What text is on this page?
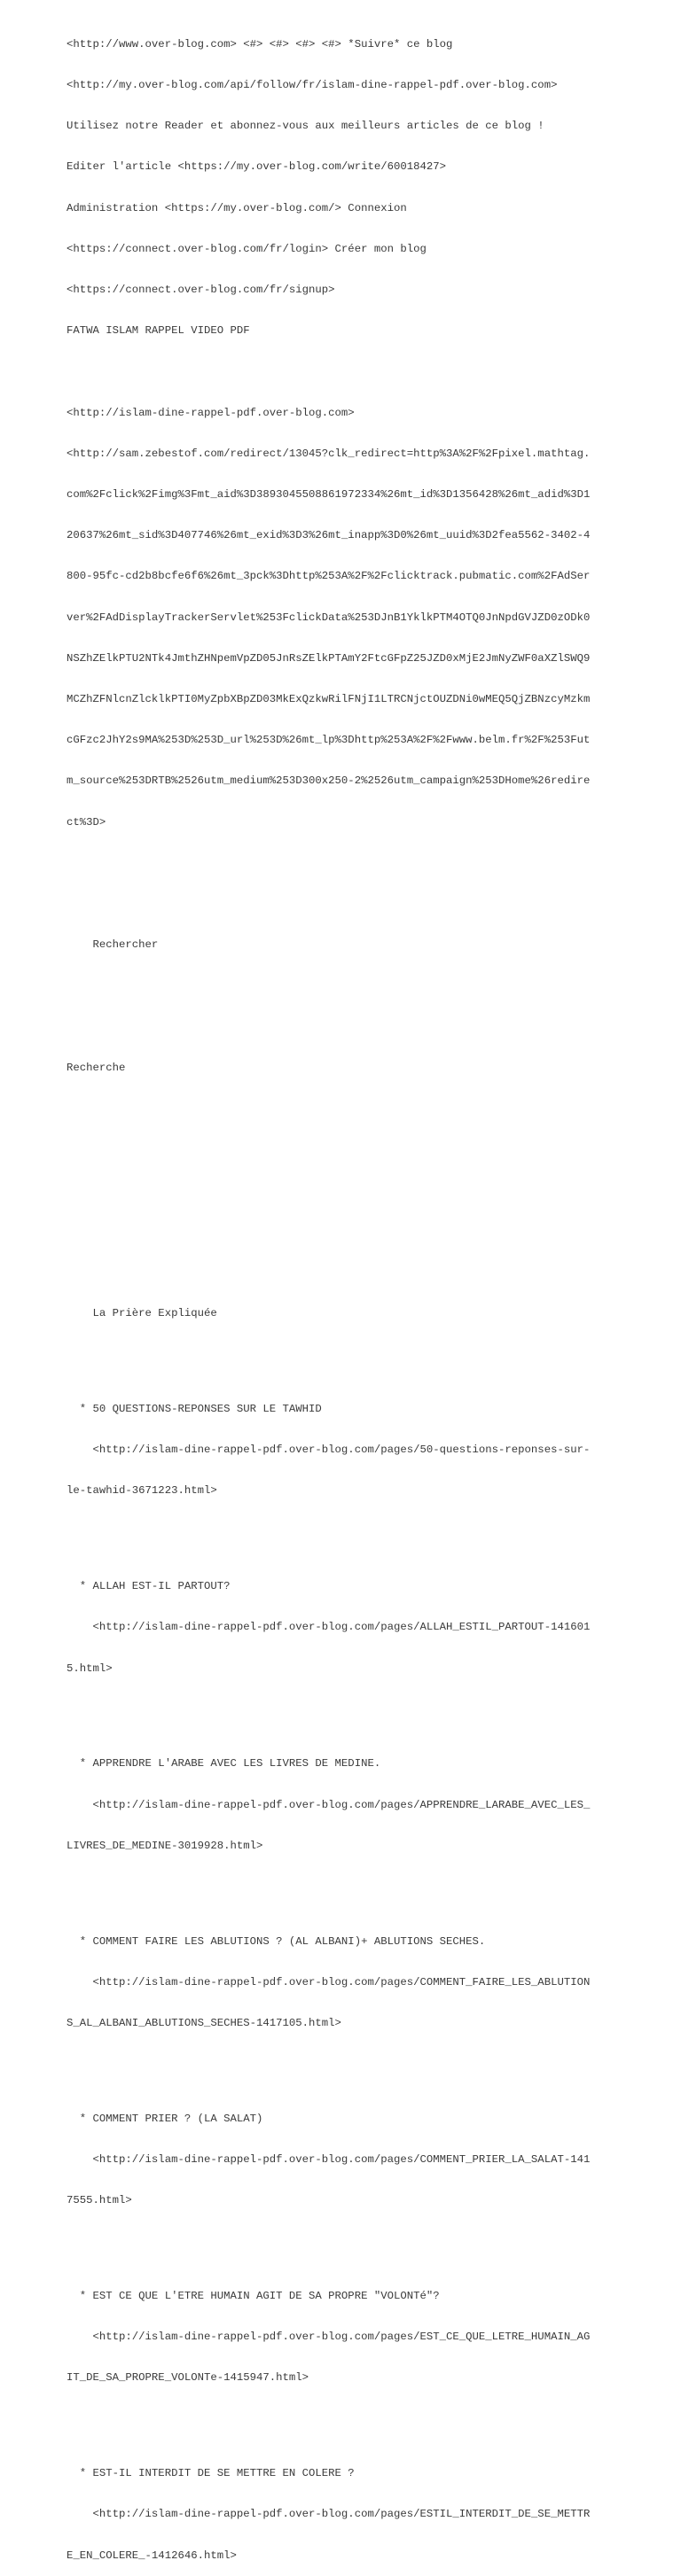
<http://www.over-blog.com> <#> <#> <#> <#> *Suivre* ce blog

<http://my.over-blog.com/api/follow/fr/islam-dine-rappel-pdf.over-blog.com>

Utilisez notre Reader et abonnez-vous aux meilleurs articles de ce blog !

Editer l'article <https://my.over-blog.com/write/60018427>

Administration <https://my.over-blog.com/> Connexion

<https://connect.over-blog.com/fr/login> Créer mon blog

<https://connect.over-blog.com/fr/signup>

FATWA ISLAM RAPPEL VIDEO PDF

<http://islam-dine-rappel-pdf.over-blog.com>

<http://sam.zebestof.com/redirect/13045?clk_redirect=http%3A%2F%2Fpixel.mathtag.

com%2Fclick%2Fimg%3Fmt_aid%3D3893045508861972334%26mt_id%3D1356428%26mt_adid%3D1

20637%26mt_sid%3D407746%26mt_exid%3D3%26mt_inapp%3D0%26mt_uuid%3D2fea5562-3402-4

800-95fc-cd2b8bcfe6f6%26mt_3pck%3Dhttp%253A%2F%2Fclicktrack.pubmatic.com%2FAdSer

ver%2FAdDisplayTrackerServlet%253FclickData%253DJnB1YklkPTM4OTQ0JnNpdGVJZD0zODk0

NSZhZElkPTU2NTk4JmthZHNpemVpZD05JnRsZElkPTAmY2FtcGFpZ25JZD0xMjE2JmNyZWF0aXZlSWQ9

MCZhZFNlcnZlcklkPTI0MyZpbXBpZD03MkExQzkwRilFNjI1LTRCNjctOUZDNi0wMEQ5QjZBNzcyMzkm

cGFzc2JhY2s9MA%253D%253D_url%253D%26mt_lp%3Dhttp%253A%2F%2Fwww.belm.fr%2F%253Fut

m_source%253DRTB%2526utm_medium%253D300x250-2%2526utm_campaign%253DHome%26redire

ct%3D>

Rechercher

Recherche

La Prière Expliquée

* 50 QUESTIONS-REPONSES SUR LE TAWHID

<http://islam-dine-rappel-pdf.over-blog.com/pages/50-questions-reponses-sur-

le-tawhid-3671223.html>

* ALLAH EST-IL PARTOUT?

<http://islam-dine-rappel-pdf.over-blog.com/pages/ALLAH_ESTIL_PARTOUT-141601

5.html>

* APPRENDRE L'ARABE AVEC LES LIVRES DE MEDINE.

<http://islam-dine-rappel-pdf.over-blog.com/pages/APPRENDRE_LARABE_AVEC_LES_

LIVRES_DE_MEDINE-3019928.html>

* COMMENT FAIRE LES ABLUTIONS ? (AL ALBANI)+ ABLUTIONS SECHES.

<http://islam-dine-rappel-pdf.over-blog.com/pages/COMMENT_FAIRE_LES_ABLUTION

S_AL_ALBANI_ABLUTIONS_SECHES-1417105.html>

* COMMENT PRIER ? (LA SALAT)

<http://islam-dine-rappel-pdf.over-blog.com/pages/COMMENT_PRIER_LA_SALAT-141

7555.html>

* EST CE QUE L'ETRE HUMAIN AGIT DE SA PROPRE "VOLONTé"?

<http://islam-dine-rappel-pdf.over-blog.com/pages/EST_CE_QUE_LETRE_HUMAIN_AG

IT_DE_SA_PROPRE_VOLONTe-1415947.html>

* EST-IL INTERDIT DE SE METTRE EN COLERE ?

<http://islam-dine-rappel-pdf.over-blog.com/pages/ESTIL_INTERDIT_DE_SE_METTR

E_EN_COLERE_-1412646.html>
